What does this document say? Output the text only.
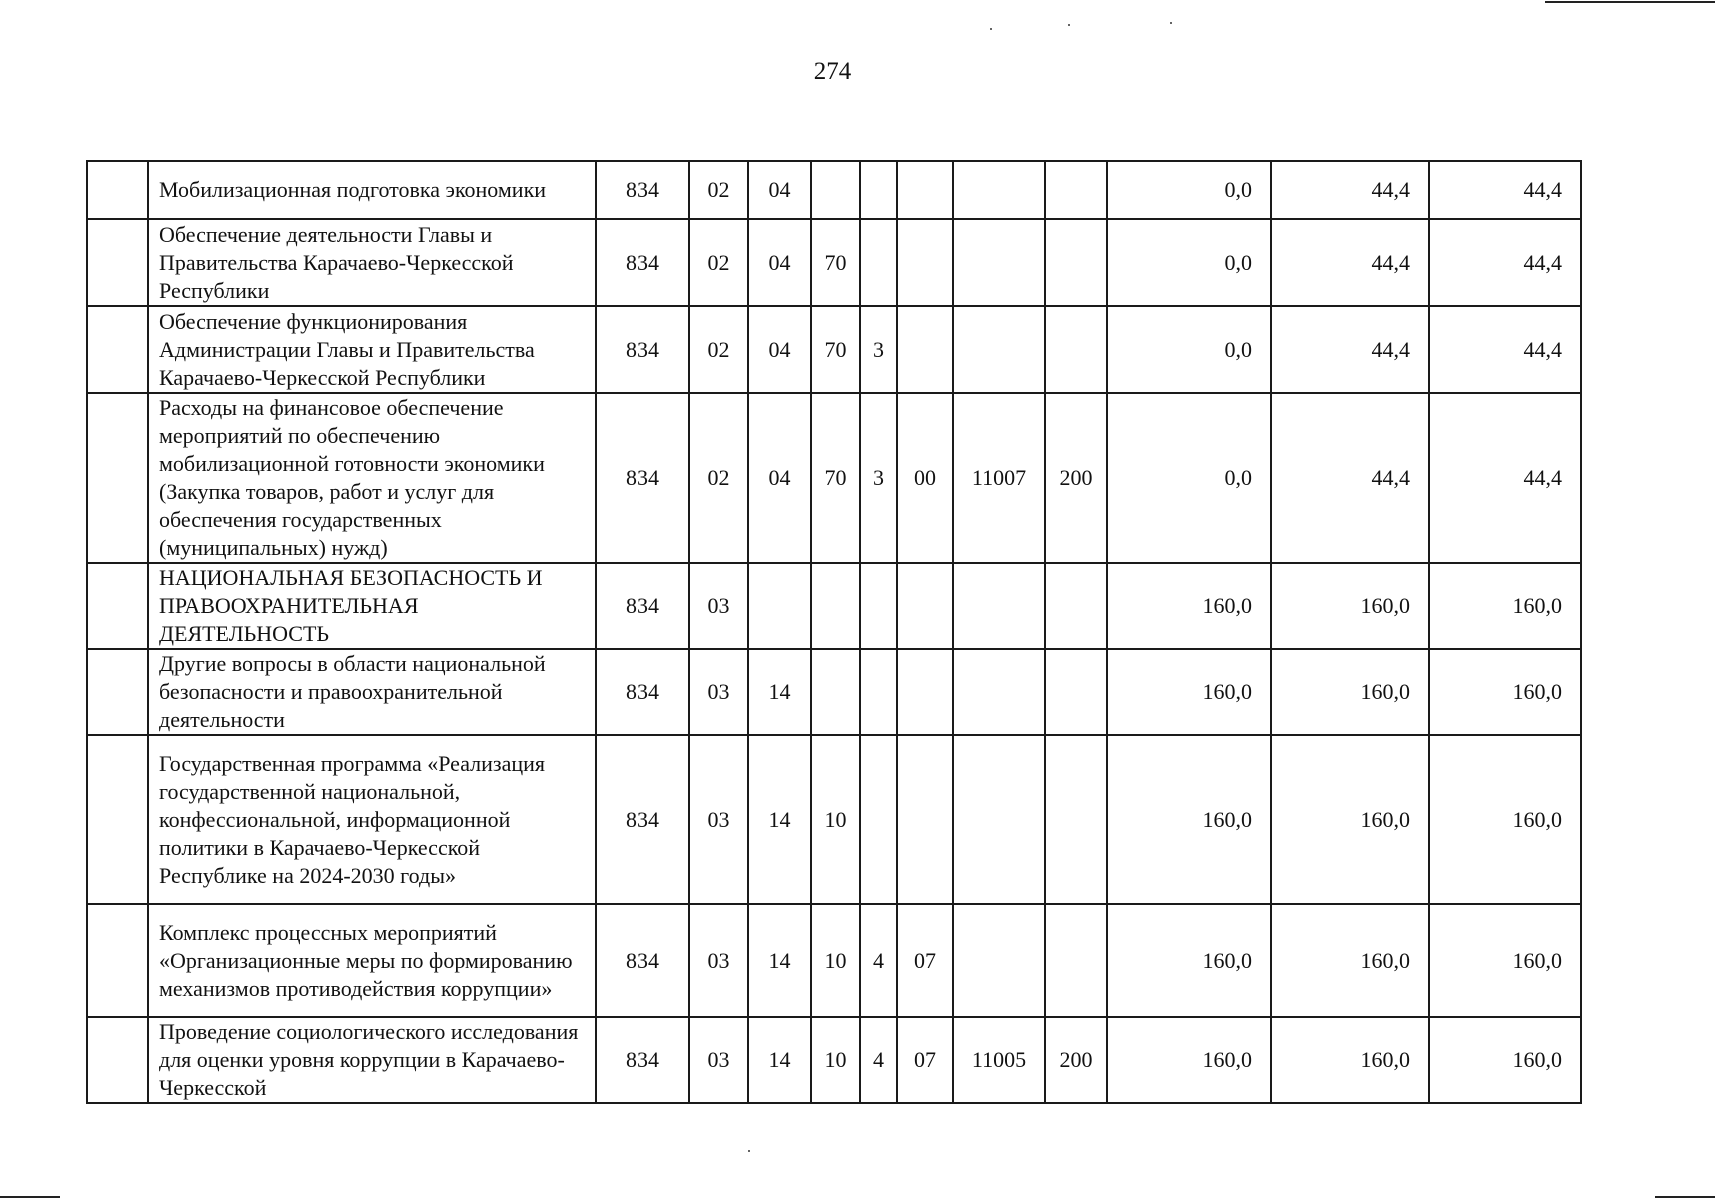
274
	Мобилизационная подготовка экономики	834	02	04						0,0	44,4	44,4
	Обеспечение деятельности Главы и Правительства Карачаево-Черкесской Республики	834	02	04	70					0,0	44,4	44,4
	Обеспечение функционирования Администрации Главы и Правительства Карачаево-Черкесской Республики	834	02	04	70	3				0,0	44,4	44,4
	Расходы на финансовое обеспечение мероприятий по обеспечению мобилизационной готовности экономики (Закупка товаров, работ и услуг для обеспечения государственных (муниципальных) нужд)	834	02	04	70	3	00	11007	200	0,0	44,4	44,4
	НАЦИОНАЛЬНАЯ БЕЗОПАСНОСТЬ И ПРАВООХРАНИТЕЛЬНАЯ ДЕЯТЕЛЬНОСТЬ	834	03							160,0	160,0	160,0
	Другие вопросы в области национальной безопасности и правоохранительной деятельности	834	03	14						160,0	160,0	160,0
	Государственная программа «Реализация государственной национальной, конфессиональной, информационной политики в Карачаево-Черкесской Республике на 2024-2030 годы»	834	03	14	10					160,0	160,0	160,0
	Комплекс процессных мероприятий «Организационные меры по формированию механизмов противодействия коррупции»	834	03	14	10	4	07			160,0	160,0	160,0
	Проведение социологического исследования для оценки уровня коррупции в Карачаево-Черкесской	834	03	14	10	4	07	11005	200	160,0	160,0	160,0
